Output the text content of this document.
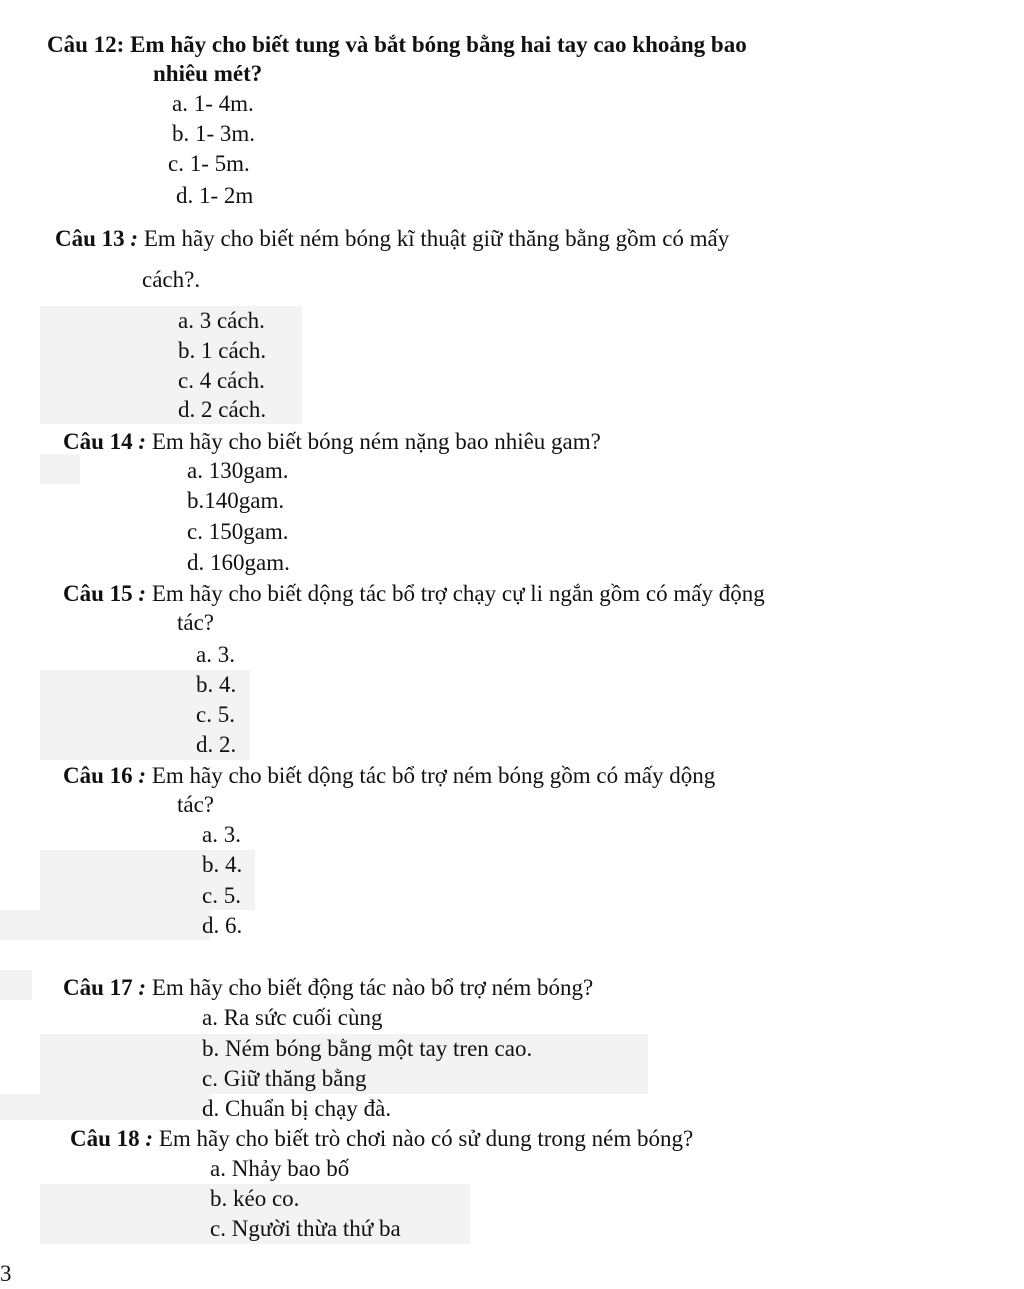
Câu 12: Em hãy cho biết tung và bắt bóng bằng hai tay cao khoảng bao
nhiêu mét?
a. 1- 4m.
b. 1- 3m.
c. 1- 5m.
d. 1- 2m
Câu 13 : Em hãy cho biết ném bóng kĩ thuật giữ thăng bằng gồm có mấy
cách?.
a. 3 cách.
b. 1 cách.
c. 4 cách.
d. 2 cách.
Câu 14 : Em hãy cho biết bóng ném nặng bao nhiêu gam?
a. 130gam.
b.140gam.
c. 150gam.
d. 160gam.
Câu 15 : Em hãy cho biết dộng tác bổ trợ chạy cự li ngắn gồm có mấy động
tác?
a. 3.
b. 4.
c. 5.
d. 2.
Câu 16 : Em hãy cho biết dộng tác bổ trợ ném bóng gồm có mấy dộng
tác?
a. 3.
b. 4.
c. 5.
d. 6.
Câu 17 : Em hãy cho biết động tác nào bổ trợ ném bóng?
a. Ra sức cuối cùng
b. Ném bóng bằng một tay tren cao.
c. Giữ thăng bằng
d. Chuẩn bị chạy đà.
Câu 18 : Em hãy cho biết trò chơi nào có sử dung trong ném bóng?
a. Nhảy bao bố
b. kéo co.
c. Người thừa thứ ba
3
